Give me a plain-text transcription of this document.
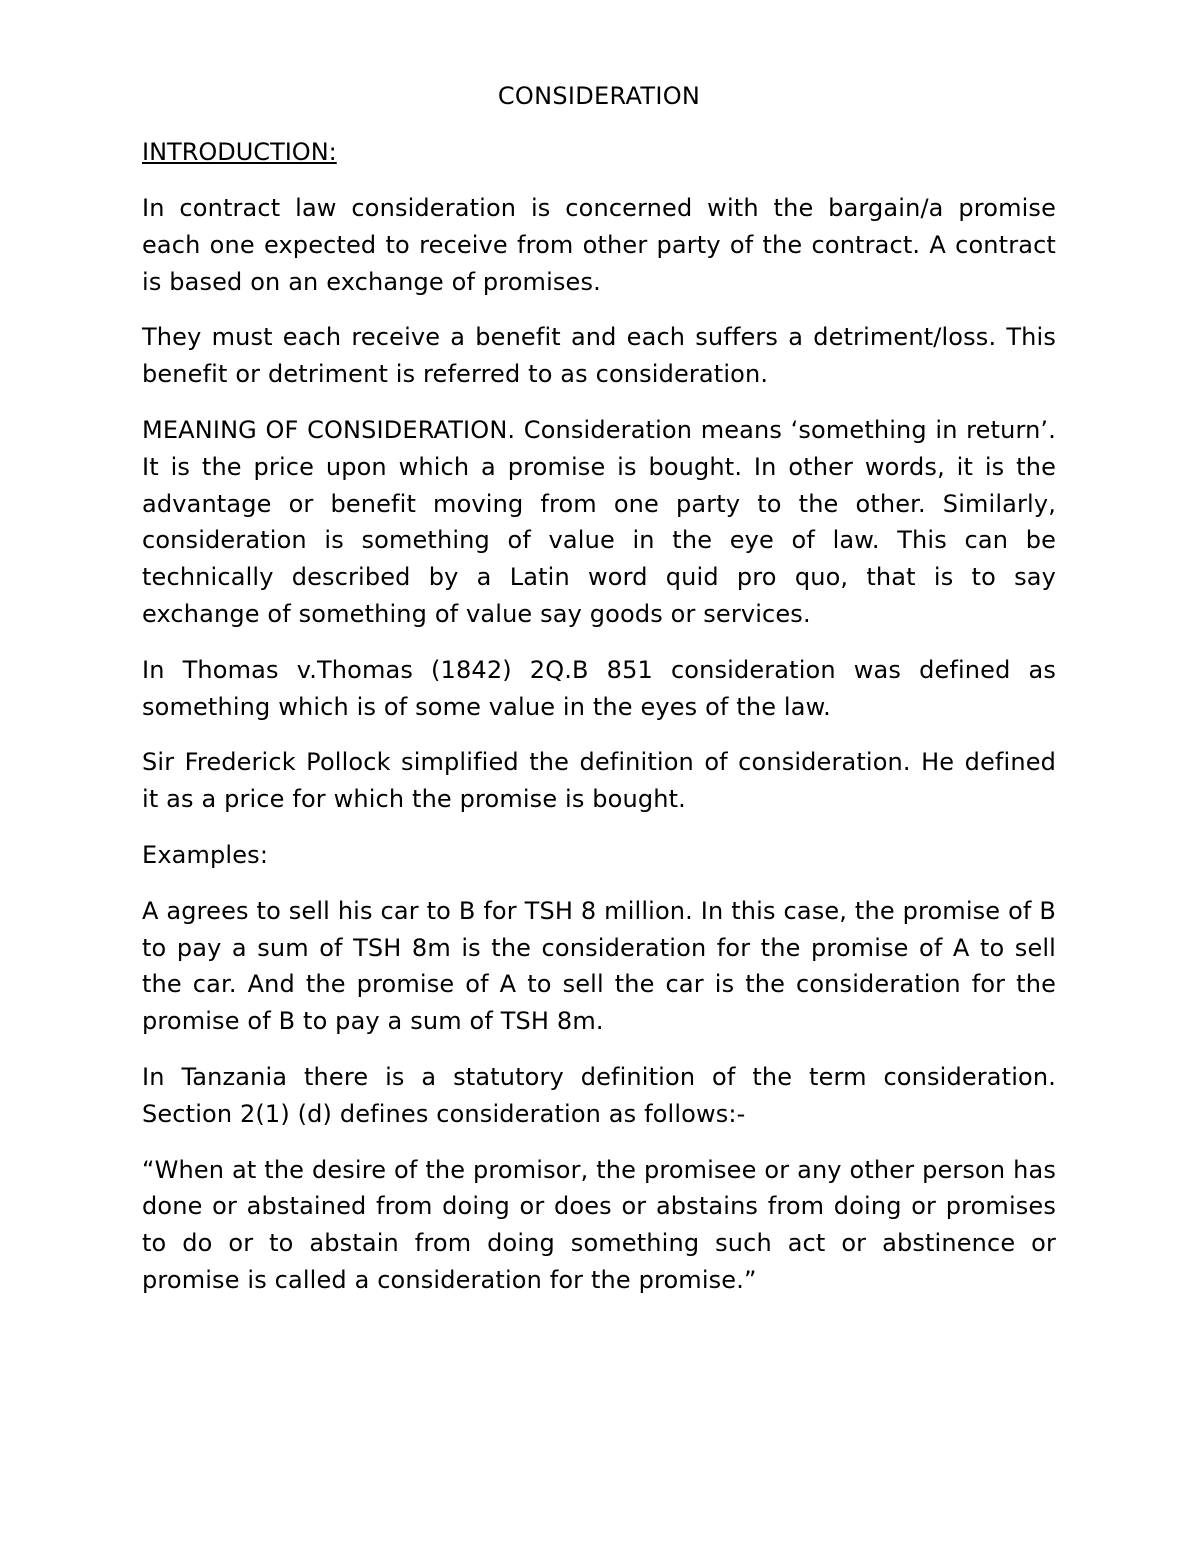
CONSIDERATION
INTRODUCTION:

In contract law consideration is concerned with the bargain/a promise each one expected to receive from other party of the contract. A contract is based on an exchange of promises.

They must each receive a benefit and each suffers a detriment/loss. This benefit or detriment is referred to as consideration.

MEANING OF CONSIDERATION. Consideration means ‘something in return’. It is the price upon which a promise is bought. In other words, it is the advantage or benefit moving from one party to the other. Similarly, consideration is something of value in the eye of law. This can be technically described by a Latin word quid pro quo, that is to say exchange of something of value say goods or services.

In Thomas v.Thomas (1842) 2Q.B 851 consideration was defined as something which is of some value in the eyes of the law.

Sir Frederick Pollock simplified the definition of consideration. He defined it as a price for which the promise is bought.

Examples:

A agrees to sell his car to B for TSH 8 million. In this case, the promise of B to pay a sum of TSH 8m is the consideration for the promise of A to sell the car. And the promise of A to sell the car is the consideration for the promise of B to pay a sum of TSH 8m.

In Tanzania there is a statutory definition of the term consideration. Section 2(1) (d) defines consideration as follows:-

“When at the desire of the promisor, the promisee or any other person has done or abstained from doing or does or abstains from doing or promises to do or to abstain from doing something such act or abstinence or promise is called a consideration for the promise.”
